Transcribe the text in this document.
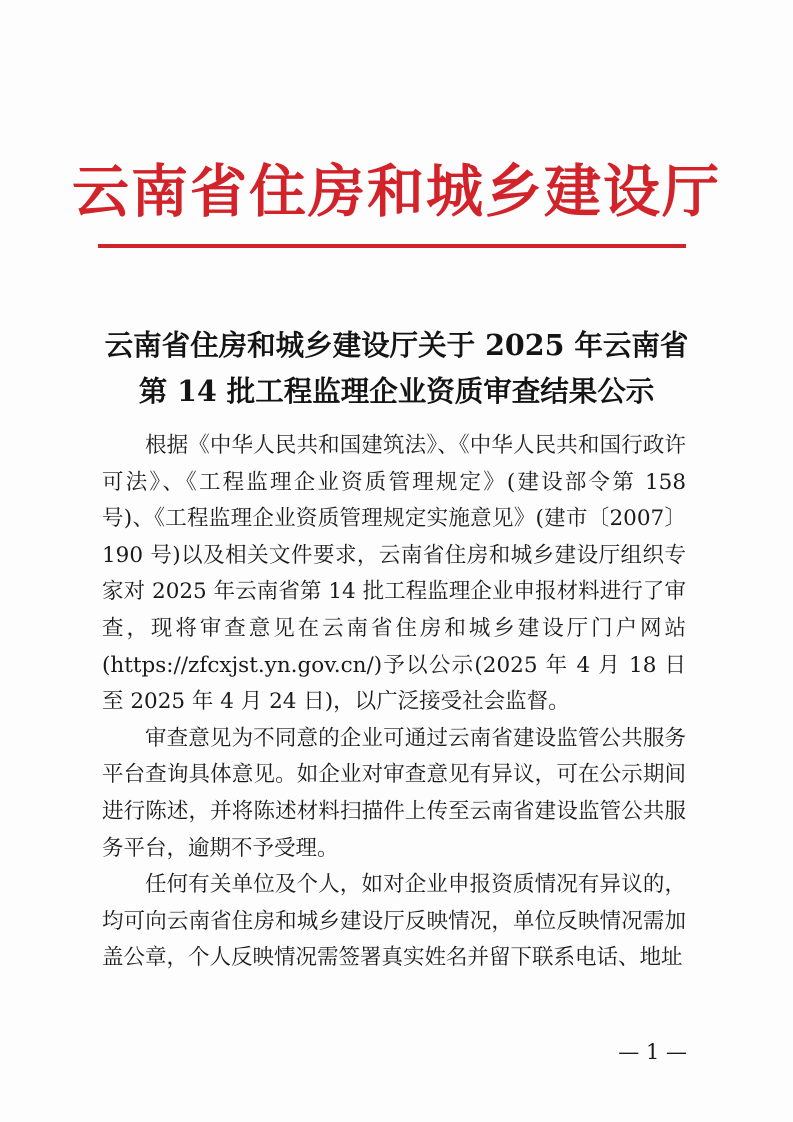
云南省住房和城乡建设厅
云南省住房和城乡建设厅关于 2025 年云南省
第 14 批工程监理企业资质审查结果公示

根据《中华人民共和国建筑法》、《中华人民共和国行政许可法》、《工程监理企业资质管理规定》(建设部令第 158 号)、《工程监理企业资质管理规定实施意见》(建市〔2007〕190 号)以及相关文件要求，云南省住房和城乡建设厅组织专家对 2025 年云南省第 14 批工程监理企业申报材料进行了审查，现将审查意见在云南省住房和城乡建设厅门户网站(https://zfcxjst.yn.gov.cn/)予以公示(2025 年 4 月 18 日至 2025 年 4 月 24 日)，以广泛接受社会监督。

审查意见为不同意的企业可通过云南省建设监管公共服务平台查询具体意见。如企业对审查意见有异议，可在公示期间进行陈述，并将陈述材料扫描件上传至云南省建设监管公共服务平台，逾期不予受理。

任何有关单位及个人，如对企业申报资质情况有异议的，均可向云南省住房和城乡建设厅反映情况，单位反映情况需加盖公章，个人反映情况需签署真实姓名并留下联系电话、地址

— 1 —
